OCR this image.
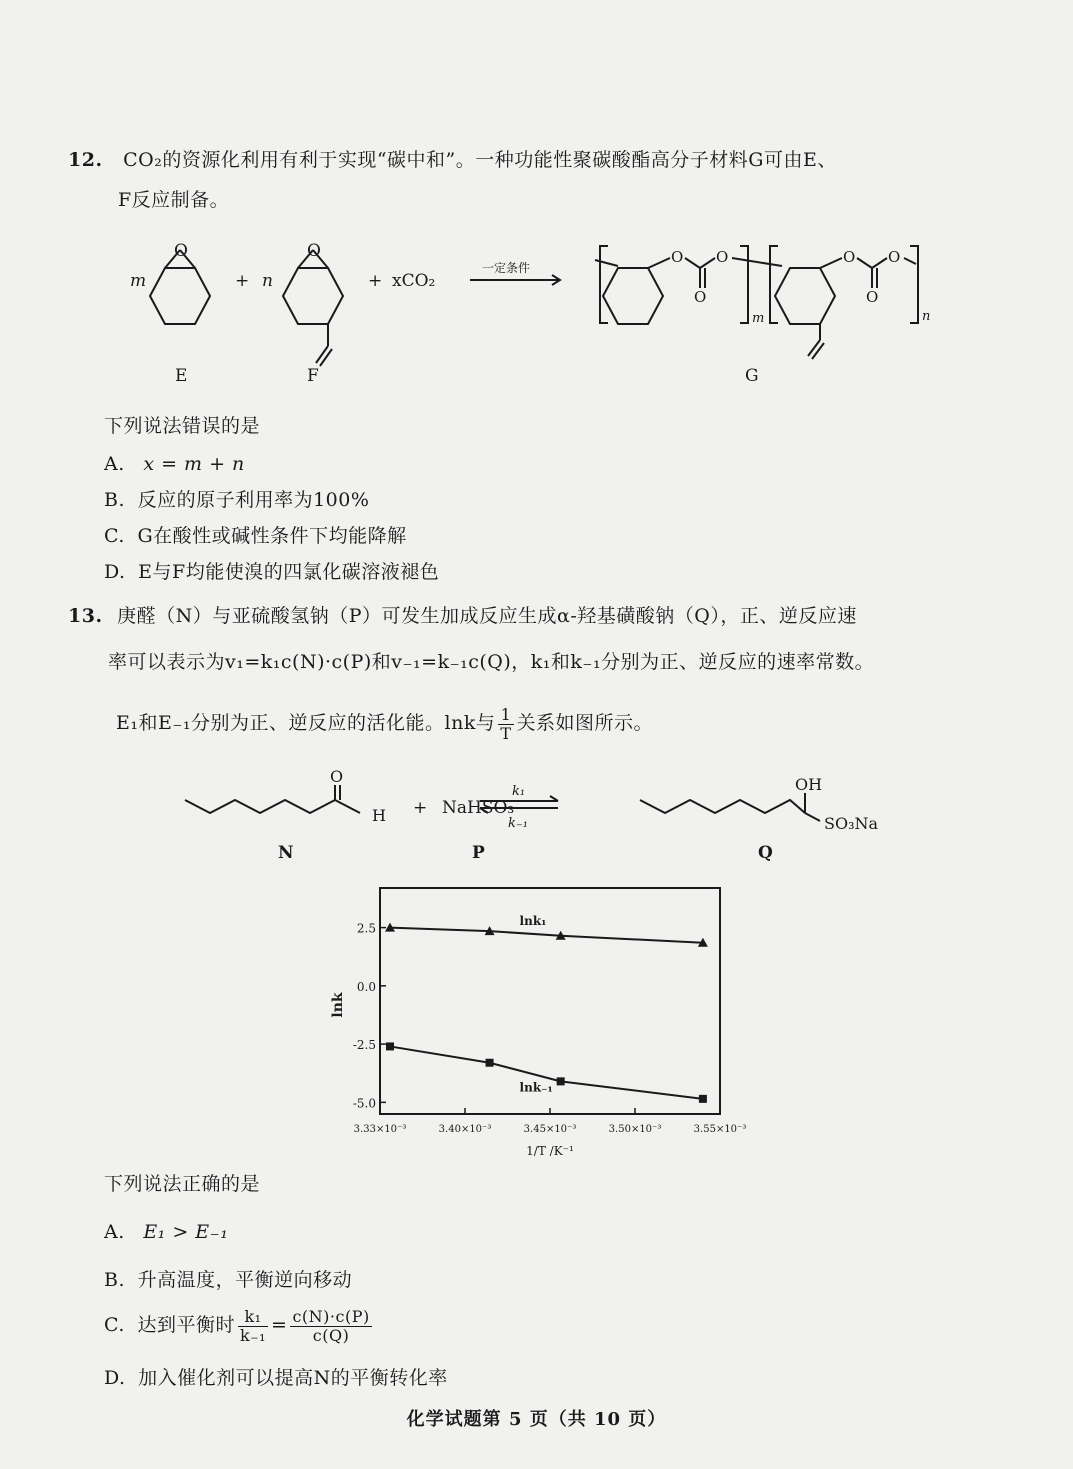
12. CO₂的资源化利用有利于实现“碳中和”。一种功能性聚碳酸酯高分子材料G可由E、
F反应制备。
O	O	O
O
O	O
O
O
m	+ n	+ xCO₂
一定条件
m	n
E	F	G
下列说法错误的是
A. x = m + n
B. 反应的原子利用率为100%
C. G在酸性或碱性条件下均能降解
D. E与F均能使溴的四氯化碳溶液褪色
13. 庚醛（N）与亚硫酸氢钠（P）可发生加成反应生成α-羟基磺酸钠（Q），正、逆反应速
率可以表示为v₁=k₁c(N)·c(P)和v₋₁=k₋₁c(Q)，k₁和k₋₁分别为正、逆反应的速率常数。
E₁和E₋₁分别为正、逆反应的活化能。lnk与 $\frac{1}{T}$ 关系如图所示。
O
H + NaHSO₃
k₁
k₋₁
OH
SO₃Na
N	P	Q
2.5
0.0
-2.5
-5.0
3.33×10⁻³	3.40×10⁻³	3.45×10⁻³	3.50×10⁻³	3.55×10⁻³
lnk₁
lnk₋₁
lnk
1/T /K⁻¹
下列说法正确的是
A. E₁ > E₋₁
B. 升高温度，平衡逆向移动
C. 达到平衡时 $\frac{\text{k₁}}{\text{k₋₁}} = \frac{c(N)\cdot c(P)}{c(Q)}$
D. 加入催化剂可以提高N的平衡转化率
化学试题第 5 页（共 10 页）
